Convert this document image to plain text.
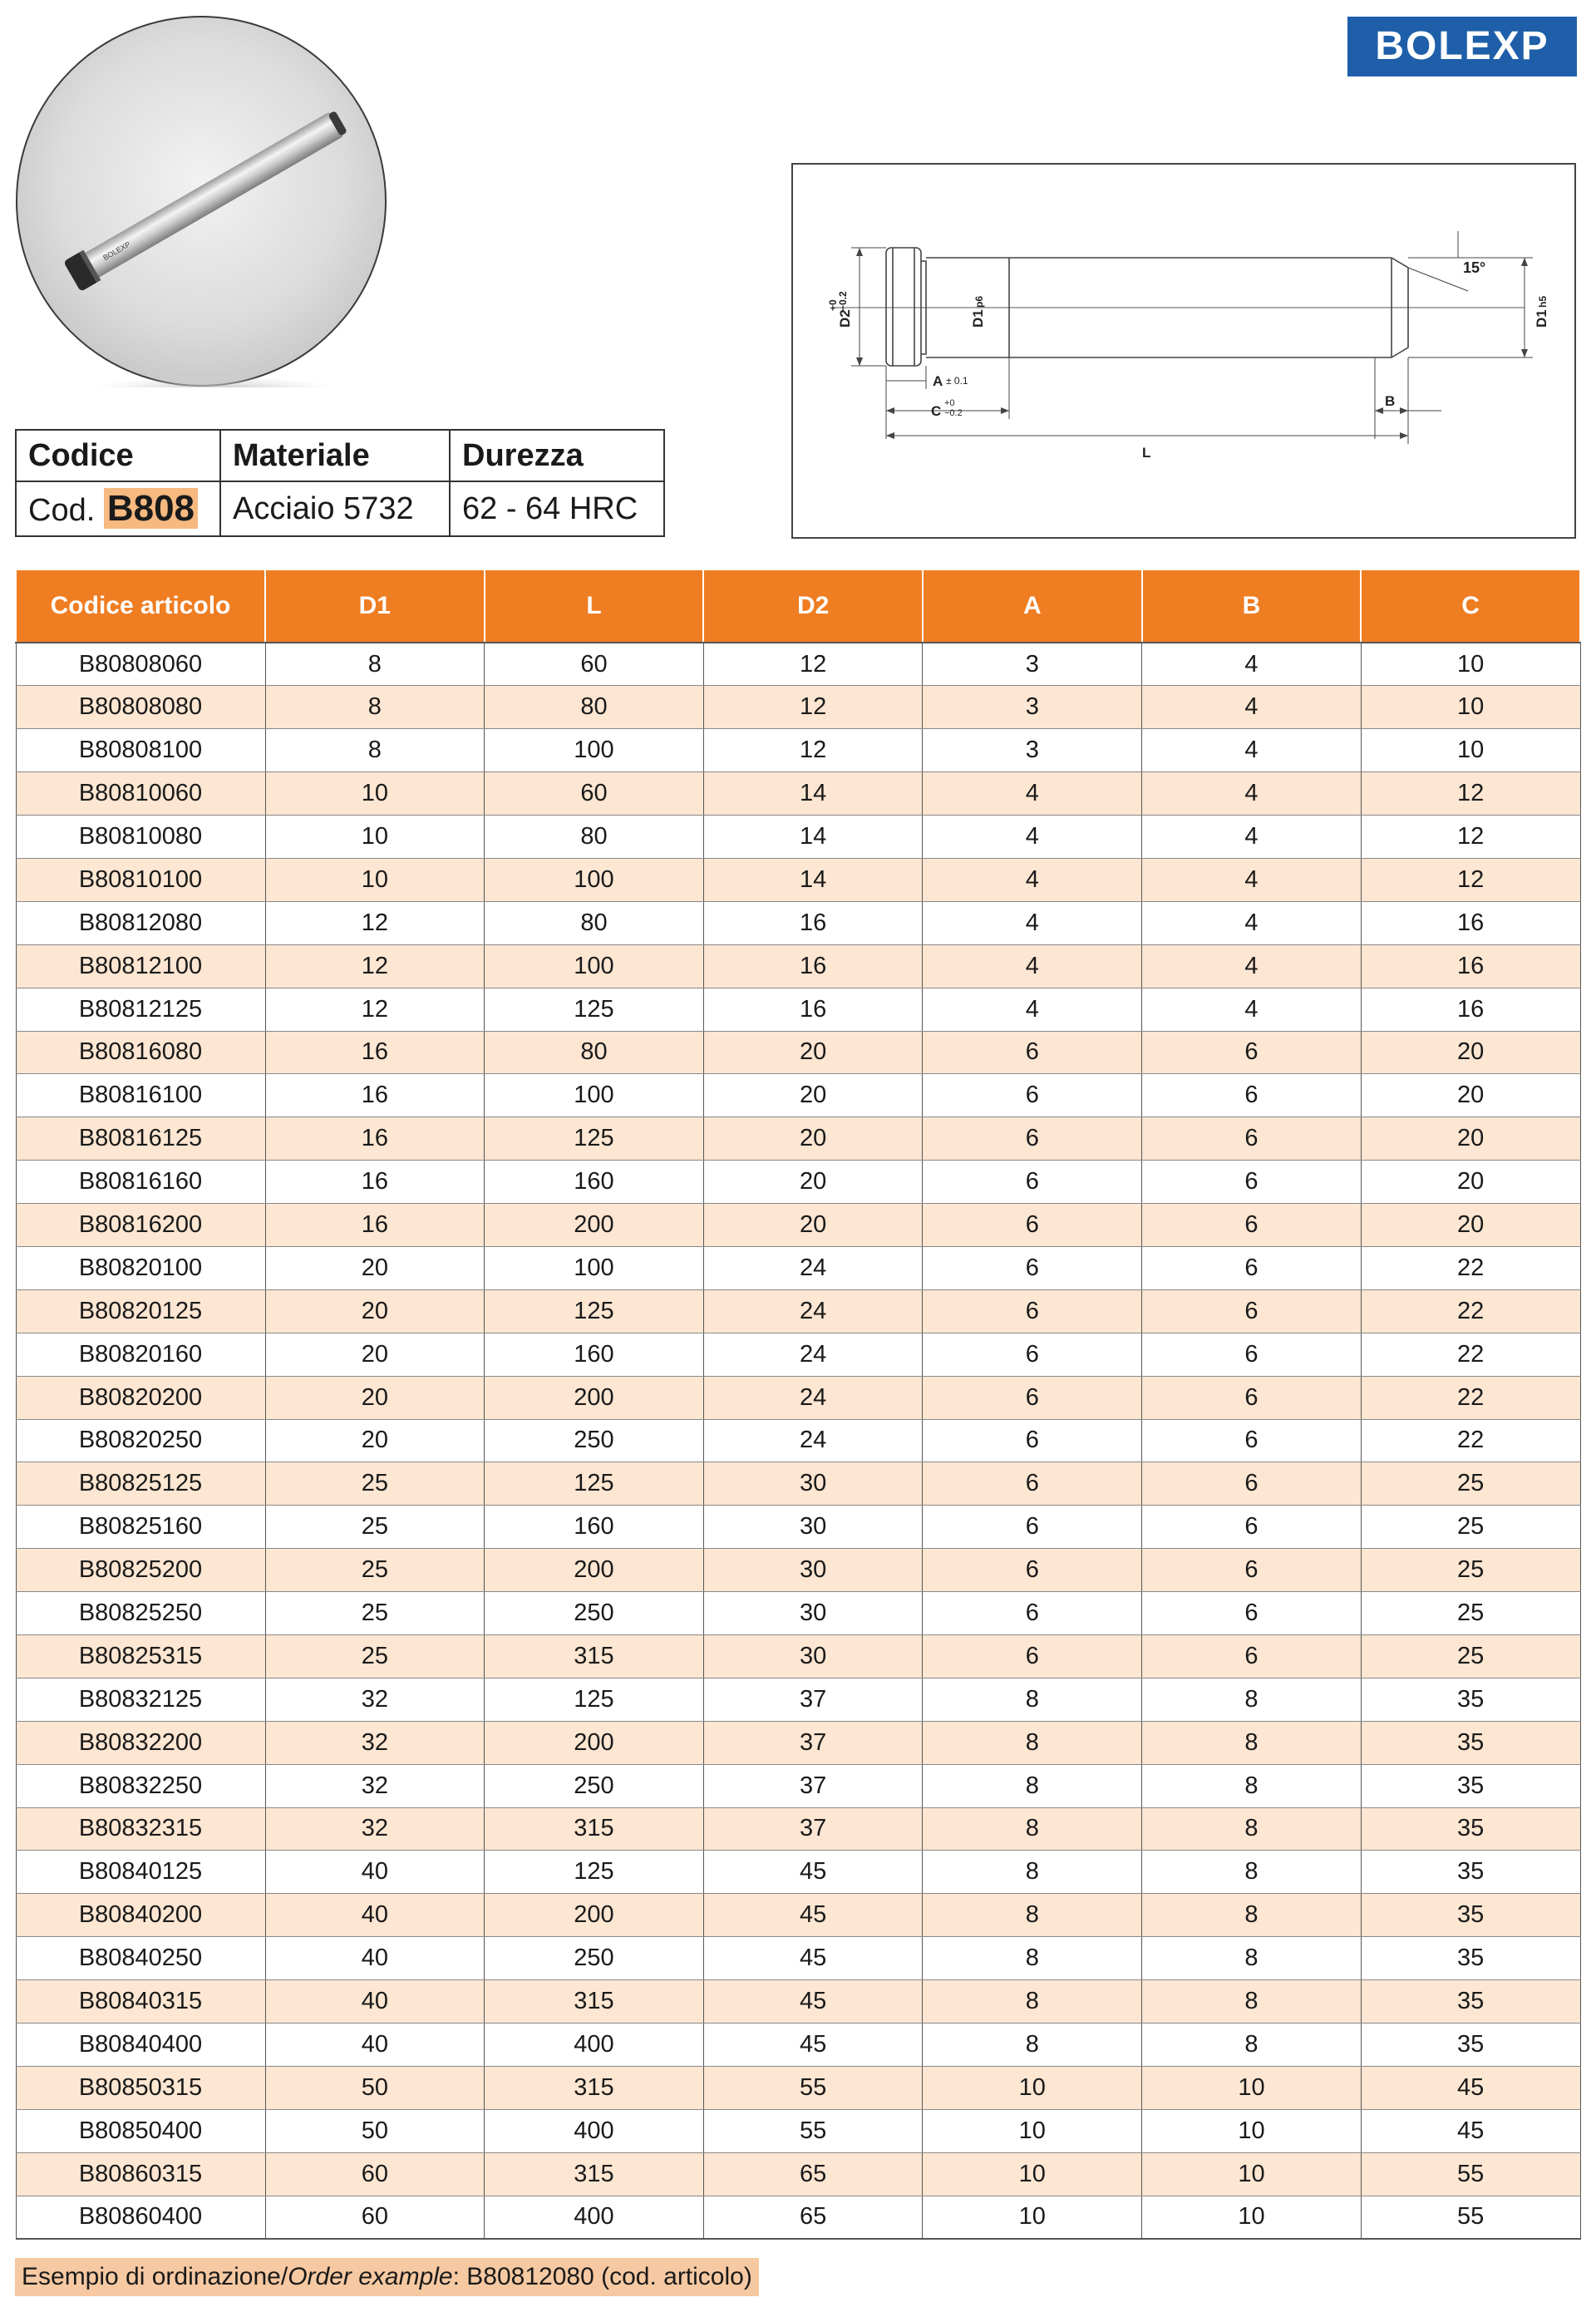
BOLEXP
BOLEXP
Codice	Materiale	Durezza
Cod. B808	Acciaio 5732	62 - 64 HRC
D2
+0
−0.2
D1
p6
D1
h5
15°
A ± 0.1
C +0
−0.2
B
L
Codice articolo	D1	L	D2	A	B	C
B80808060	8	60	12	3	4	10
B80808080	8	80	12	3	4	10
B80808100	8	100	12	3	4	10
B80810060	10	60	14	4	4	12
B80810080	10	80	14	4	4	12
B80810100	10	100	14	4	4	12
B80812080	12	80	16	4	4	16
B80812100	12	100	16	4	4	16
B80812125	12	125	16	4	4	16
B80816080	16	80	20	6	6	20
B80816100	16	100	20	6	6	20
B80816125	16	125	20	6	6	20
B80816160	16	160	20	6	6	20
B80816200	16	200	20	6	6	20
B80820100	20	100	24	6	6	22
B80820125	20	125	24	6	6	22
B80820160	20	160	24	6	6	22
B80820200	20	200	24	6	6	22
B80820250	20	250	24	6	6	22
B80825125	25	125	30	6	6	25
B80825160	25	160	30	6	6	25
B80825200	25	200	30	6	6	25
B80825250	25	250	30	6	6	25
B80825315	25	315	30	6	6	25
B80832125	32	125	37	8	8	35
B80832200	32	200	37	8	8	35
B80832250	32	250	37	8	8	35
B80832315	32	315	37	8	8	35
B80840125	40	125	45	8	8	35
B80840200	40	200	45	8	8	35
B80840250	40	250	45	8	8	35
B80840315	40	315	45	8	8	35
B80840400	40	400	45	8	8	35
B80850315	50	315	55	10	10	45
B80850400	50	400	55	10	10	45
B80860315	60	315	65	10	10	55
B80860400	60	400	65	10	10	55
Esempio di ordinazione/Order example: B80812080 (cod. articolo)
